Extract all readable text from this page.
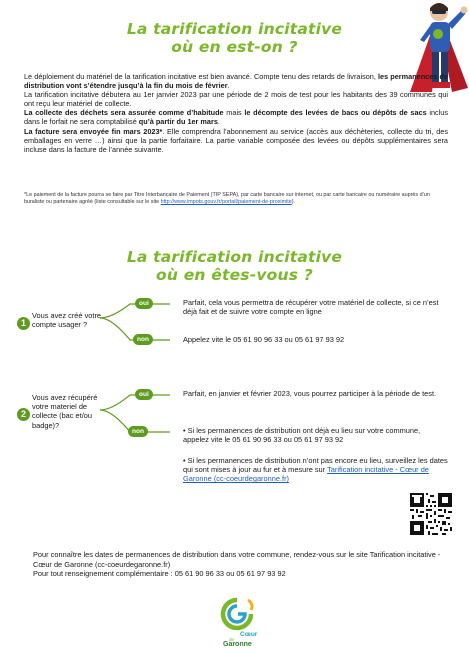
La tarification incitative
où en est-on ?

Le déploiement du matériel de la tarification incitative est bien avancé. Compte tenu des retards de livraison, les permanences de distribution vont s’étendre jusqu’à la fin du mois de février.

La tarification incitative débutera au 1er janvier 2023 par une période de 2 mois de test pour les habitants des 39 communes qui ont reçu leur matériel de collecte.

La collecte des déchets sera assurée comme d’habitude mais le décompte des levées de bacs ou dépôts de sacs inclus dans le forfait ne sera comptabilisé qu’à partir du 1er mars.

La facture sera envoyée fin mars 2023*. Elle comprendra l’abonnement au service (accès aux déchèteries, collecte du tri, des emballages en verre …) ainsi que la partie forfaitaire. La partie variable composée des levées ou dépôts supplémentaires sera incluse dans la facture de l’année suivante.

*Le paiement de la facture pourra se faire par Titre Interbancaire de Paiement (TIP SEPA), par carte bancaire sur internet, ou par carte bancaire ou numéraire auprès d’un buraliste ou partenaire agréé (liste consultable sur le site http://www.impots.gouv.fr/portail/paiement-de-proximite).
La tarification incitative
où en êtes-vous ?
1
Vous avez créé votre compte usager ?
oui
non
Parfait, cela vous permettra de récupérer votre matériel de collecte, si ce n’est déjà fait et de suivre votre compte en ligne
Appelez vite le 05 61 90 96 33 ou 05 61 97 93 92
2
Vous avez récupéré votre materiel de collecte (bac et/ou badge)?
oui
non
Parfait, en janvier et février 2023, vous pourrez participer à la période de test.
• Si les permanences de distribution ont déjà eu lieu sur votre commune, appelez vite le 05 61 90 96 33 ou 05 61 97 93 92
• Si les permanences de distribution n’ont pas encore eu lieu, surveillez les dates qui sont mises à jour au fur et à mesure sur Tarification incitative - Cœur de Garonne (cc-coeurdegaronne.fr)
Pour connaître les dates de permanences de distribution dans votre commune, rendez-vous sur le site Tarification incitative - Cœur de Garonne (cc-coeurdegaronne.fr)
Pour tout renseignement complémentaire : 05 61 90 96 33 ou 05 61 97 93 92
Cœur
de
Garonne
